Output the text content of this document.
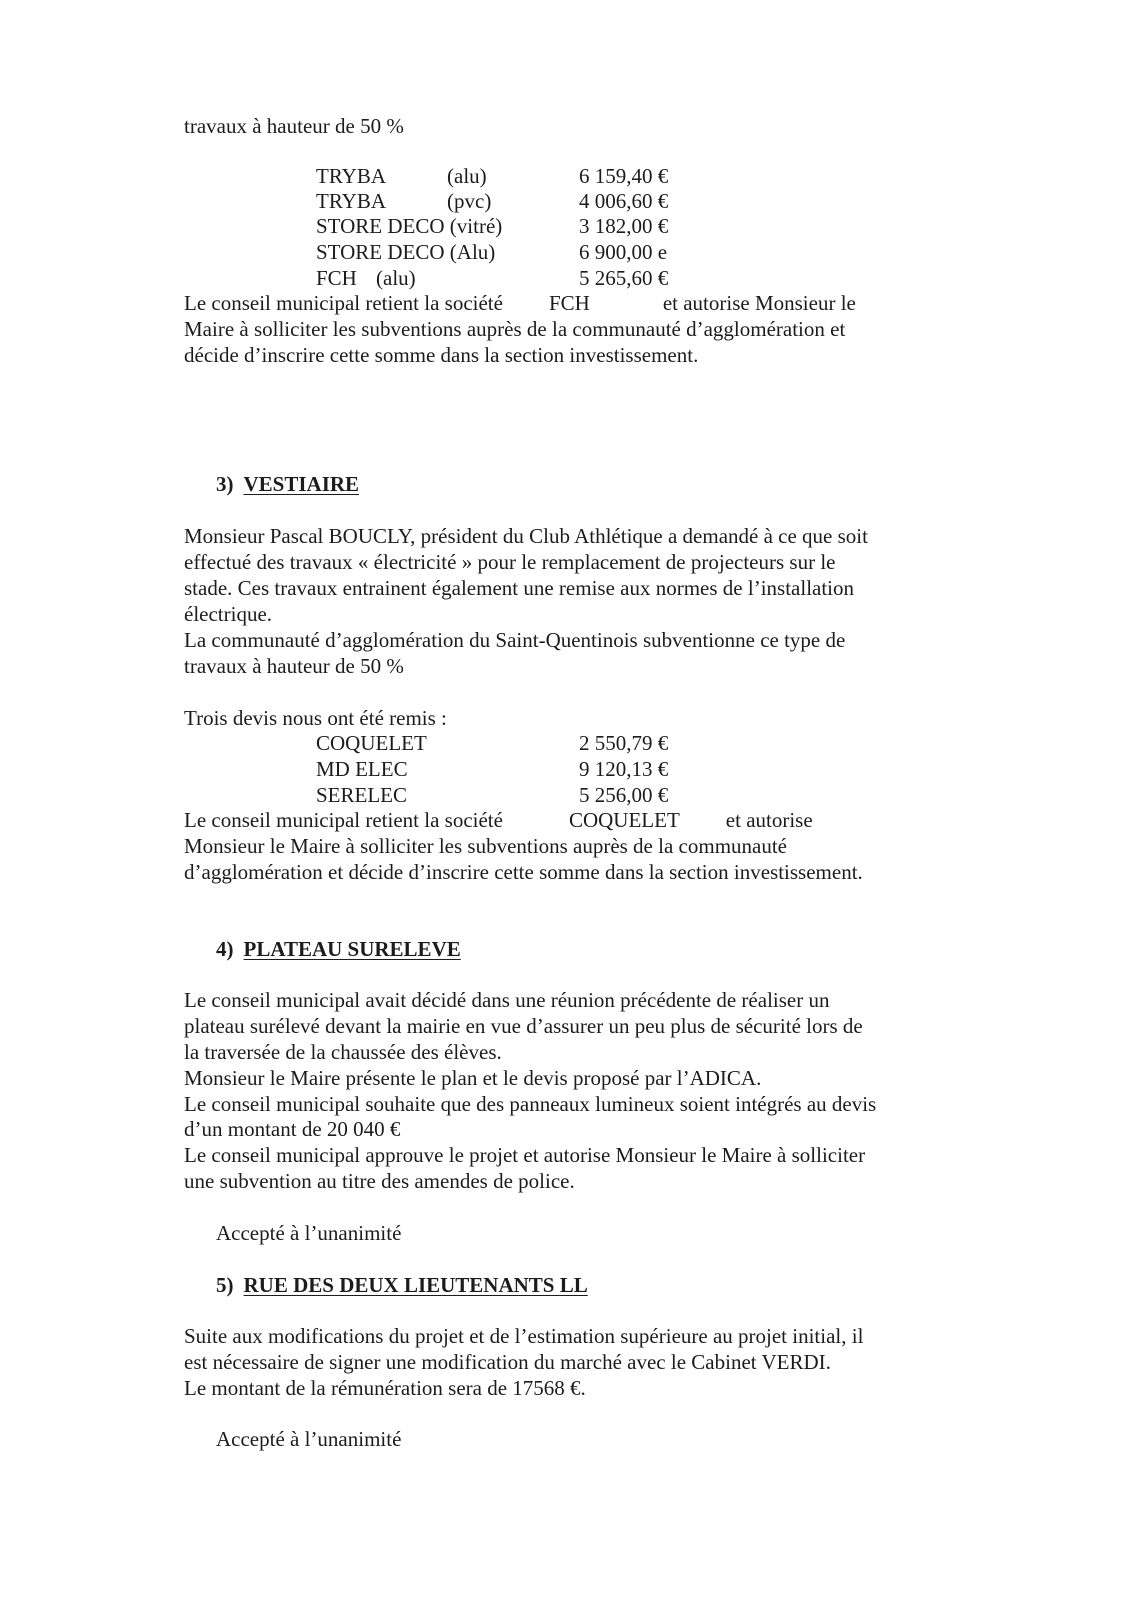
travaux à hauteur de 50 %
TRYBA	(alu)	6 159,40 €
TRYBA	(pvc)	4 006,60 €
STORE DECO (vitré)	3 182,00 €
STORE DECO (Alu)	6 900,00 e
FCH (alu)	5 265,60 €
Le conseil municipal retient la société FCH	et autorise Monsieur le
Maire à solliciter les subventions auprès de la communauté d’agglomération et
décide d’inscrire cette somme dans la section investissement.
3) VESTIAIRE
Monsieur Pascal BOUCLY, président du Club Athlétique a demandé à ce que soit
effectué des travaux « électricité » pour le remplacement de projecteurs sur le
stade. Ces travaux entrainent également une remise aux normes de l’installation
électrique.
La communauté d’agglomération du Saint-Quentinois subventionne ce type de
travaux à hauteur de 50 %
Trois devis nous ont été remis :
COQUELET	2 550,79 €
MD ELEC	9 120,13 €
SERELEC	5 256,00 €
Le conseil municipal retient la société	COQUELET et autorise
Monsieur le Maire à solliciter les subventions auprès de la communauté
d’agglomération et décide d’inscrire cette somme dans la section investissement.
4) PLATEAU SURELEVE
Le conseil municipal avait décidé dans une réunion précédente de réaliser un
plateau surélevé devant la mairie en vue d’assurer un peu plus de sécurité lors de
la traversée de la chaussée des élèves.
Monsieur le Maire présente le plan et le devis proposé par l’ADICA.
Le conseil municipal souhaite que des panneaux lumineux soient intégrés au devis
d’un montant de 20 040 €
Le conseil municipal approuve le projet et autorise Monsieur le Maire à solliciter
une subvention au titre des amendes de police.
Accepté à l’unanimité
5) RUE DES DEUX LIEUTENANTS LL
Suite aux modifications du projet et de l’estimation supérieure au projet initial, il
est nécessaire de signer une modification du marché avec le Cabinet VERDI.
Le montant de la rémunération sera de 17568 €.
Accepté à l’unanimité
